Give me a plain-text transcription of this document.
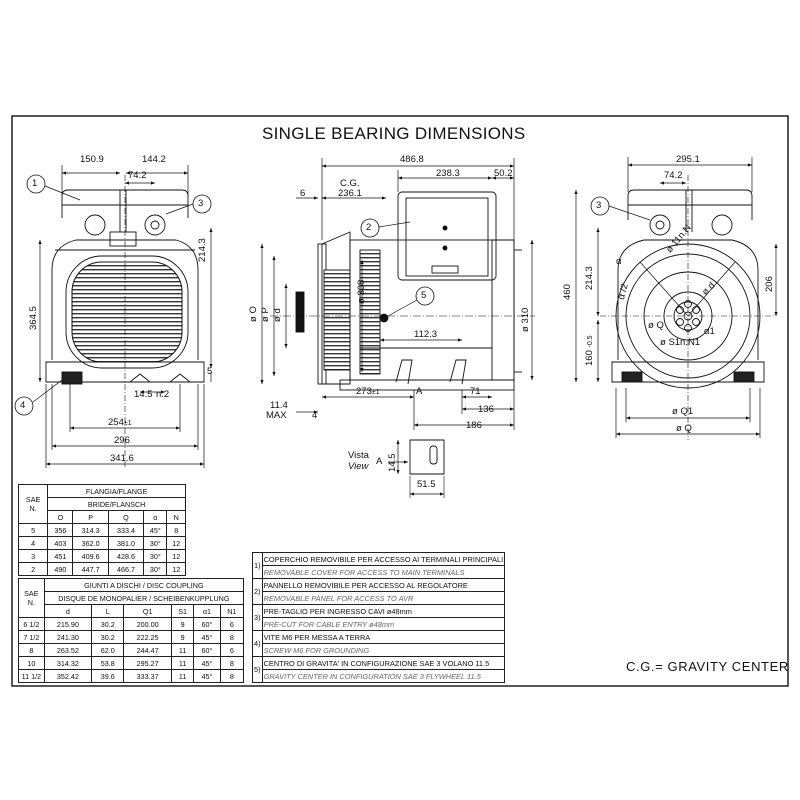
SINGLE BEARING DIMENSIONS
150.9	144.2
74.2
214.3
364.5
5
14.5 n.2
254±1
296
341.6
1
3
4
486.8
238.3	50.2
C.G.
236.1
6
ø O ø P ø d
ø 308
ø 310
112.3
273±1	A	71
136
186
11.4
MAX	4
2
5
Vista
View A 14.5
51.5
295.1
74.2
214.3
460
206
160 -0.5
ø Q1
ø Q
α
α /2
α1
ø 11n.N
ø S1n.N1
ø Q
ø d
3
SAE
N.	FLANGIA/FLANGE				
	BRIDE/FLANSCH				
	O	P	Q	α	N
5	356	314.3	333.4	45°	8
4	403	362.0	381.0	30°	12
3	451	409.6	428.6	30°	12
2	490	447.7	466.7	30°	12
SAE
N.	GIUNTI A DISCHI / DISC COUPLING					
	DISQUE DE MONOPALIER / SCHEIBENKUPPLUNG					
	d	L	Q1	S1	α1	N1
6 1/2	215.90	30.2	200.00	9	60°	6
7 1/2	241.30	30.2	222.25	9	45°	8
8	263.52	62.0	244.47	11	60°	6
10	314.32	53.8	295.27	11	45°	8
11 1/2	352.42	39.6	333.37	11	45°	8
1)	COPERCHIO REMOVIBILE PER ACCESSO AI TERMINALI PRINCIPALI
	REMOVABLE COVER FOR ACCESS TO MAIN TERMINALS
2)	PANNELLO REMOVIBILE PER ACCESSO AL REGOLATORE
	REMOVABLE PANEL FOR ACCESS TO AVR
3)	PRE-TAGLIO PER INGRESSO CAVI ø48mm
	PRE-CUT FOR CABLE ENTRY ø48mm
4)	VITE M6 PER MESSA A TERRA
	SCREW M6 FOR GROUNDING
5)	CENTRO DI GRAVITA' IN CONFIGURAZIONE SAE 3 VOLANO 11.5
	GRAVITY CENTER IN CONFIGURATION SAE 3 FLYWHEEL 11.5
C.G.= GRAVITY CENTER
